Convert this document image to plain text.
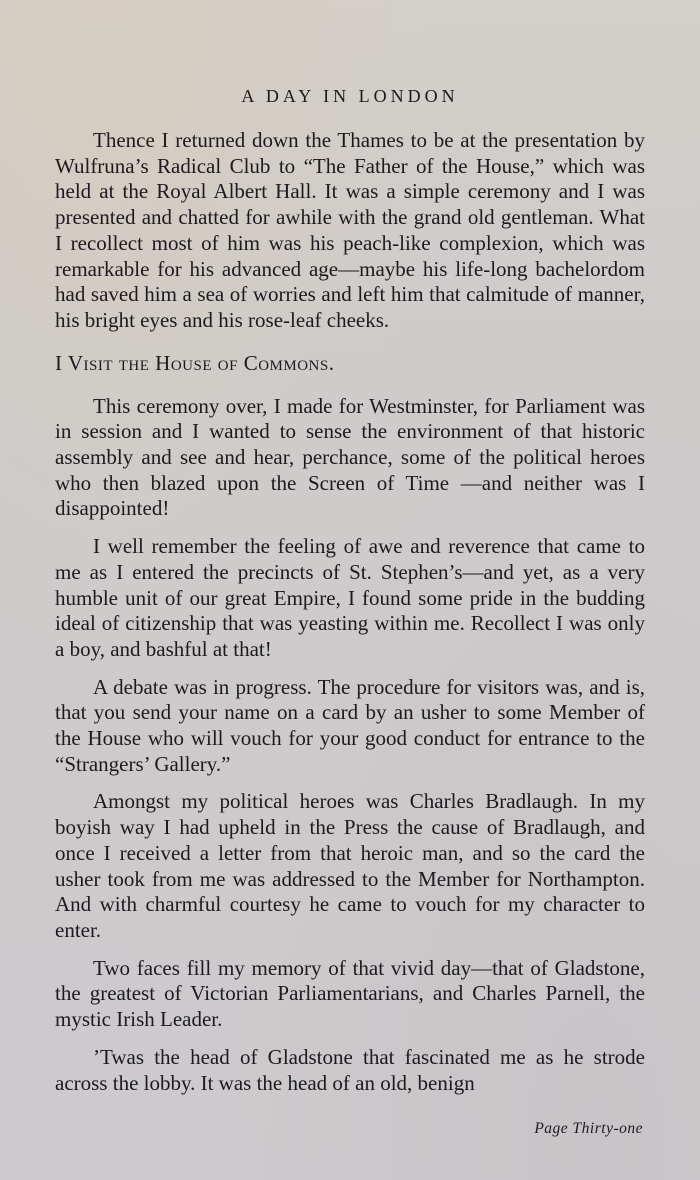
A DAY IN LONDON

Thence I returned down the Thames to be at the presentation by Wulfruna’s Radical Club to “The Father of the House,” which was held at the Royal Albert Hall. It was a simple ceremony and I was presented and chatted for awhile with the grand old gentleman. What I recollect most of him was his peach-like complexion, which was remarkable for his advanced age—maybe his life-long bachelordom had saved him a sea of worries and left him that calmitude of manner, his bright eyes and his rose-leaf cheeks.

I Visit the House of Commons.

This ceremony over, I made for Westminster, for Parliament was in session and I wanted to sense the environment of that historic assembly and see and hear, perchance, some of the political heroes who then blazed upon the Screen of Time —and neither was I disappointed!

I well remember the feeling of awe and reverence that came to me as I entered the precincts of St. Stephen’s—and yet, as a very humble unit of our great Empire, I found some pride in the budding ideal of citizenship that was yeasting within me. Recollect I was only a boy, and bashful at that!

A debate was in progress. The procedure for visitors was, and is, that you send your name on a card by an usher to some Member of the House who will vouch for your good conduct for entrance to the “Strangers’ Gallery.”

Amongst my political heroes was Charles Bradlaugh. In my boyish way I had upheld in the Press the cause of Bradlaugh, and once I received a letter from that heroic man, and so the card the usher took from me was addressed to the Member for Northampton. And with charmful courtesy he came to vouch for my character to enter.

Two faces fill my memory of that vivid day—that of Gladstone, the greatest of Victorian Parliamentarians, and Charles Parnell, the mystic Irish Leader.

’Twas the head of Gladstone that fascinated me as he strode across the lobby. It was the head of an old, benign

Page Thirty-one
